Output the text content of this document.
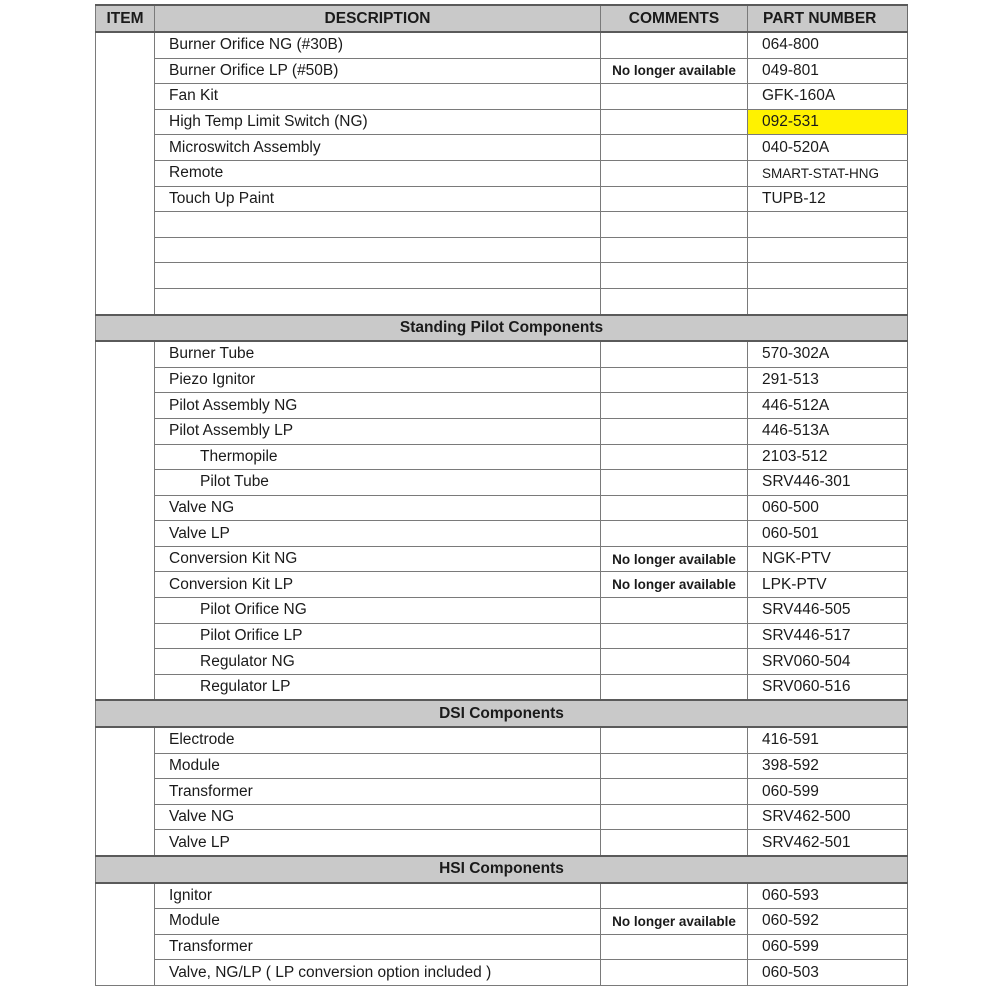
ITEM	DESCRIPTION	COMMENTS	PART NUMBER
	Burner Orifice NG (#30B)		064-800
	Burner Orifice LP (#50B)	No longer available	049-801
	Fan Kit		GFK-160A
	High Temp Limit Switch (NG)		092-531
	Microswitch Assembly		040-520A
	Remote		SMART-STAT-HNG
	Touch Up Paint		TUPB-12

Standing Pilot Components			
	Burner Tube		570-302A
	Piezo Ignitor		291-513
	Pilot Assembly NG		446-512A
	Pilot Assembly LP		446-513A
	Thermopile		2103-512
	Pilot Tube		SRV446-301
	Valve NG		060-500
	Valve LP		060-501
	Conversion Kit NG	No longer available	NGK-PTV
	Conversion Kit LP	No longer available	LPK-PTV
	Pilot Orifice NG		SRV446-505
	Pilot Orifice LP		SRV446-517
	Regulator NG		SRV060-504
	Regulator LP		SRV060-516
DSI Components			
	Electrode		416-591
	Module		398-592
	Transformer		060-599
	Valve NG		SRV462-500
	Valve LP		SRV462-501
HSI Components			
	Ignitor		060-593
	Module	No longer available	060-592
	Transformer		060-599
	Valve, NG/LP ( LP conversion option included )		060-503
